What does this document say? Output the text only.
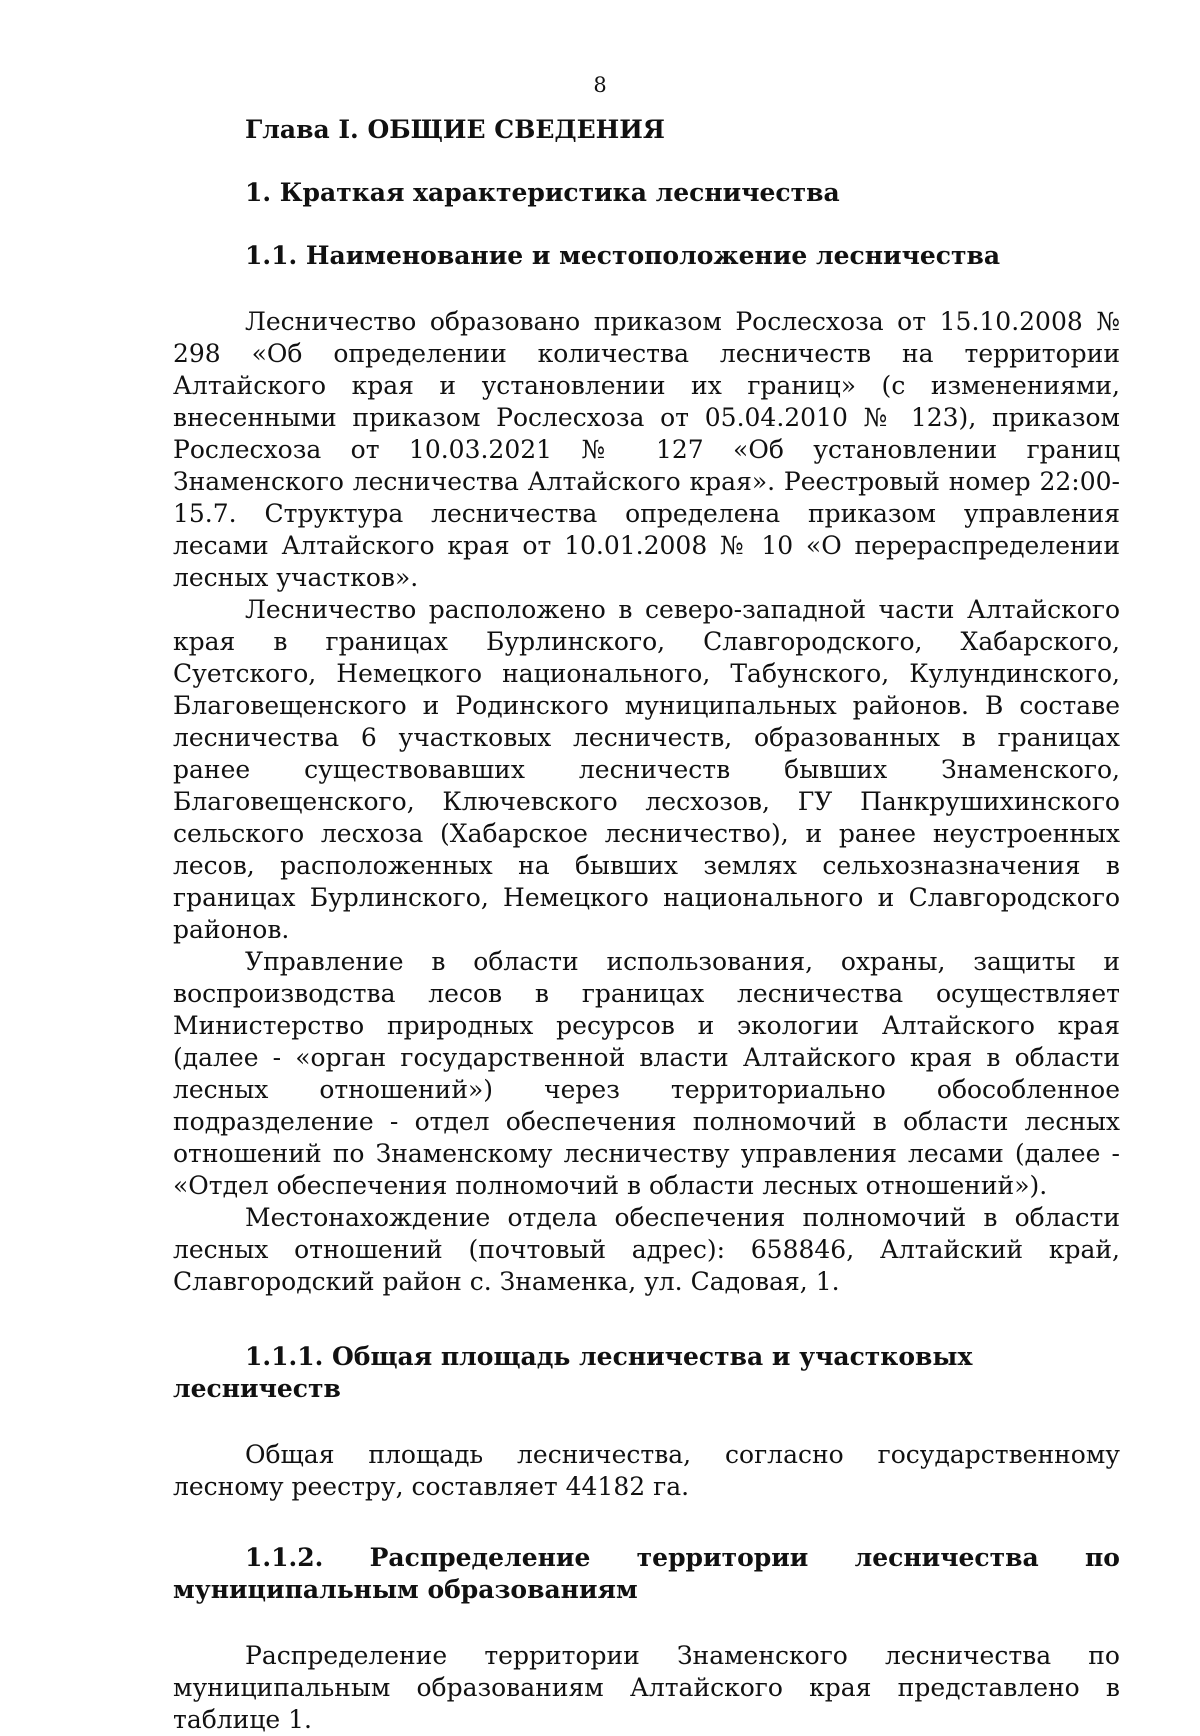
8
Глава I. ОБЩИЕ СВЕДЕНИЯ
1. Краткая характеристика лесничества
1.1. Наименование и местоположение лесничества

Лесничество образовано приказом Рослесхоза от 15.10.2008 № 298 «Об определении количества лесничеств на территории Алтайского края и установлении их границ» (с изменениями, внесенными приказом Рослесхоза от 05.04.2010 № 123), приказом Рослесхоза от 10.03.2021 № 127 «Об установлении границ Знаменского лесничества Алтайского края». Реестровый номер 22:00-15.7. Структура лесничества определена приказом управления лесами Алтайского края от 10.01.2008 № 10 «О перераспределении лесных участков».

Лесничество расположено в северо-западной части Алтайского края в границах Бурлинского, Славгородского, Хабарского, Суетского, Немецкого национального, Табунского, Кулундинского, Благовещенского и Родинского муниципальных районов. В составе лесничества 6 участковых лесничеств, образованных в границах ранее существовавших лесничеств бывших Знаменского, Благовещенского, Ключевского лесхозов, ГУ Панкрушихинского сельского лесхоза (Хабарское лесничество), и ранее неустроенных лесов, расположенных на бывших землях сельхозназначения в границах Бурлинского, Немецкого национального и Славгородского районов.

Управление в области использования, охраны, защиты и воспроизводства лесов в границах лесничества осуществляет Министерство природных ресурсов и экологии Алтайского края (далее - «орган государственной власти Алтайского края в области лесных отношений») через территориально обособленное подразделение - отдел обеспечения полномочий в области лесных отношений по Знаменскому лесничеству управления лесами (далее - «Отдел обеспечения полномочий в области лесных отношений»).

Местонахождение отдела обеспечения полномочий в области лесных отношений (почтовый адрес): 658846, Алтайский край, Славгородский район с. Знаменка, ул. Садовая, 1.

1.1.1. Общая площадь лесничества и участковых лесничеств

Общая площадь лесничества, согласно государственному лесному реестру, составляет 44182 га.

1.1.2. Распределение территории лесничества по муниципальным образованиям

Распределение территории Знаменского лесничества по муниципальным образованиям Алтайского края представлено в таблице 1.
